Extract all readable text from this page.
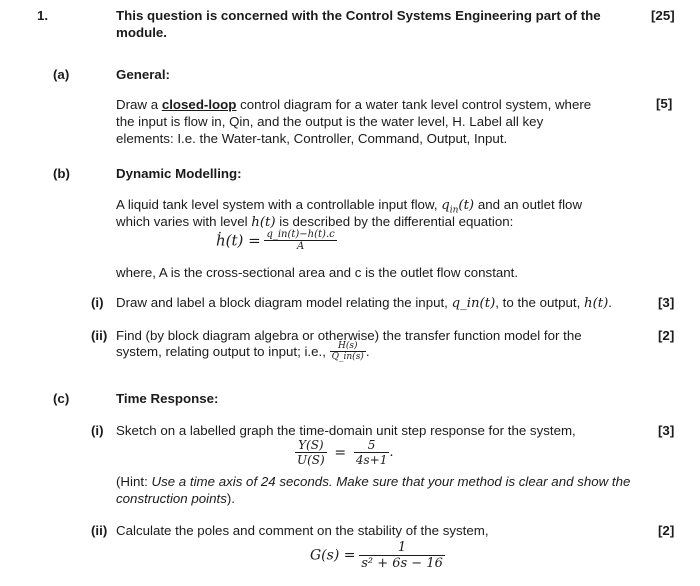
1.	This question is concerned with the Control Systems Engineering part of the
module.
[25]
(a)	General:
[5]
Draw a closed-loop control diagram for a water tank level control system, where
the input is flow in, Qin, and the output is the water level, H. Label all key
elements: I.e. the Water-tank, Controller, Command, Output, Input.
(b)	Dynamic Modelling:
A liquid tank level system with a controllable input flow, $q_{in}(t)$ and an outlet flow
which varies with level h(t) is described by the differential equation:
ḣ(t) = $\frac{q\_in(t)-h(t).c}{A}$
where, A is the cross-sectional area and c is the outlet flow constant.
(i) Draw and label a block diagram model relating the input, q_in(t), to the output, h(t).	[3]
(ii) Find (by block diagram algebra or otherwise) the transfer function model for the	[2]
system, relating output to input; i.e., $\frac{H(s)}{Q\_in(s)}$ .
(c)	Time Response:
(i) Sketch on a labelled graph the time-domain unit step response for the system,	[3]
$\frac{Y(S)}{U(S)} = \frac{5}{4s+1}$ .
(Hint: Use a time axis of 24 seconds. Make sure that your method is clear and show the
construction points).
(ii) Calculate the poles and comment on the stability of the system,	[2]
$G(s) = \frac{1}{\text{s² + 6s − 16}}$
